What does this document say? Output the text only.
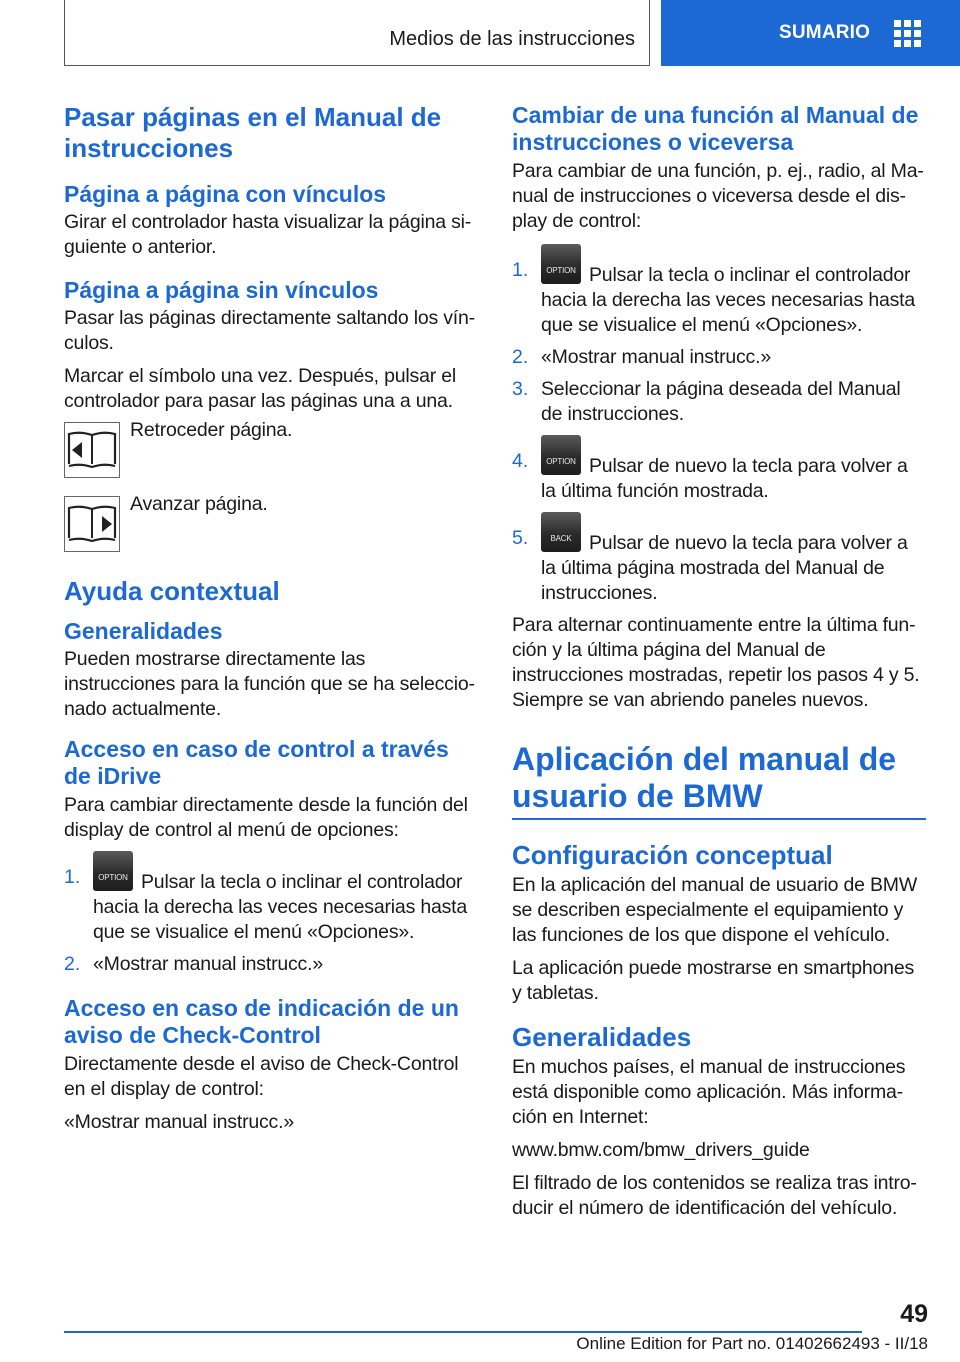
Medios de las instrucciones	SUMARIO
Pasar páginas en el Manual de instrucciones
Página a página con vínculos
Girar el controlador hasta visualizar la página si-guiente o anterior.
Página a página sin vínculos
Pasar las páginas directamente saltando los vín-culos.
Marcar el símbolo una vez. Después, pulsar el controlador para pasar las páginas una a una.
Retroceder página.
Avanzar página.
Ayuda contextual
Generalidades
Pueden mostrarse directamente las instrucciones para la función que se ha seleccio-nado actualmente.
Acceso en caso de control a través de iDrive
Para cambiar directamente desde la función del display de control al menú de opciones:
1.	OPTION Pulsar la tecla o inclinar el controlador hacia la derecha las veces necesarias hasta que se visualice el menú «Opciones».
2. «Mostrar manual instrucc.»
Acceso en caso de indicación de un aviso de Check-Control
Directamente desde el aviso de Check-Control en el display de control:
«Mostrar manual instrucc.»
Cambiar de una función al Manual de instrucciones o viceversa
Para cambiar de una función, p. ej., radio, al Ma-nual de instrucciones o viceversa desde el dis-play de control:
1.	OPTION Pulsar la tecla o inclinar el controlador hacia la derecha las veces necesarias hasta que se visualice el menú «Opciones».
2. «Mostrar manual instrucc.»
3. Seleccionar la página deseada del Manual de instrucciones.
4.	OPTION Pulsar de nuevo la tecla para volver a la última función mostrada.
5.	BACK Pulsar de nuevo la tecla para volver a la última página mostrada del Manual de instrucciones.
Para alternar continuamente entre la última fun-ción y la última página del Manual de instrucciones mostradas, repetir los pasos 4 y 5. Siempre se van abriendo paneles nuevos.
Aplicación del manual de usuario de BMW
Configuración conceptual
En la aplicación del manual de usuario de BMW se describen especialmente el equipamiento y las funciones de los que dispone el vehículo.
La aplicación puede mostrarse en smartphones y tabletas.
Generalidades
En muchos países, el manual de instrucciones está disponible como aplicación. Más informa-ción en Internet:
www.bmw.com/bmw_drivers_guide
El filtrado de los contenidos se realiza tras intro-ducir el número de identificación del vehículo.
49
Online Edition for Part no. 01402662493 - II/18
